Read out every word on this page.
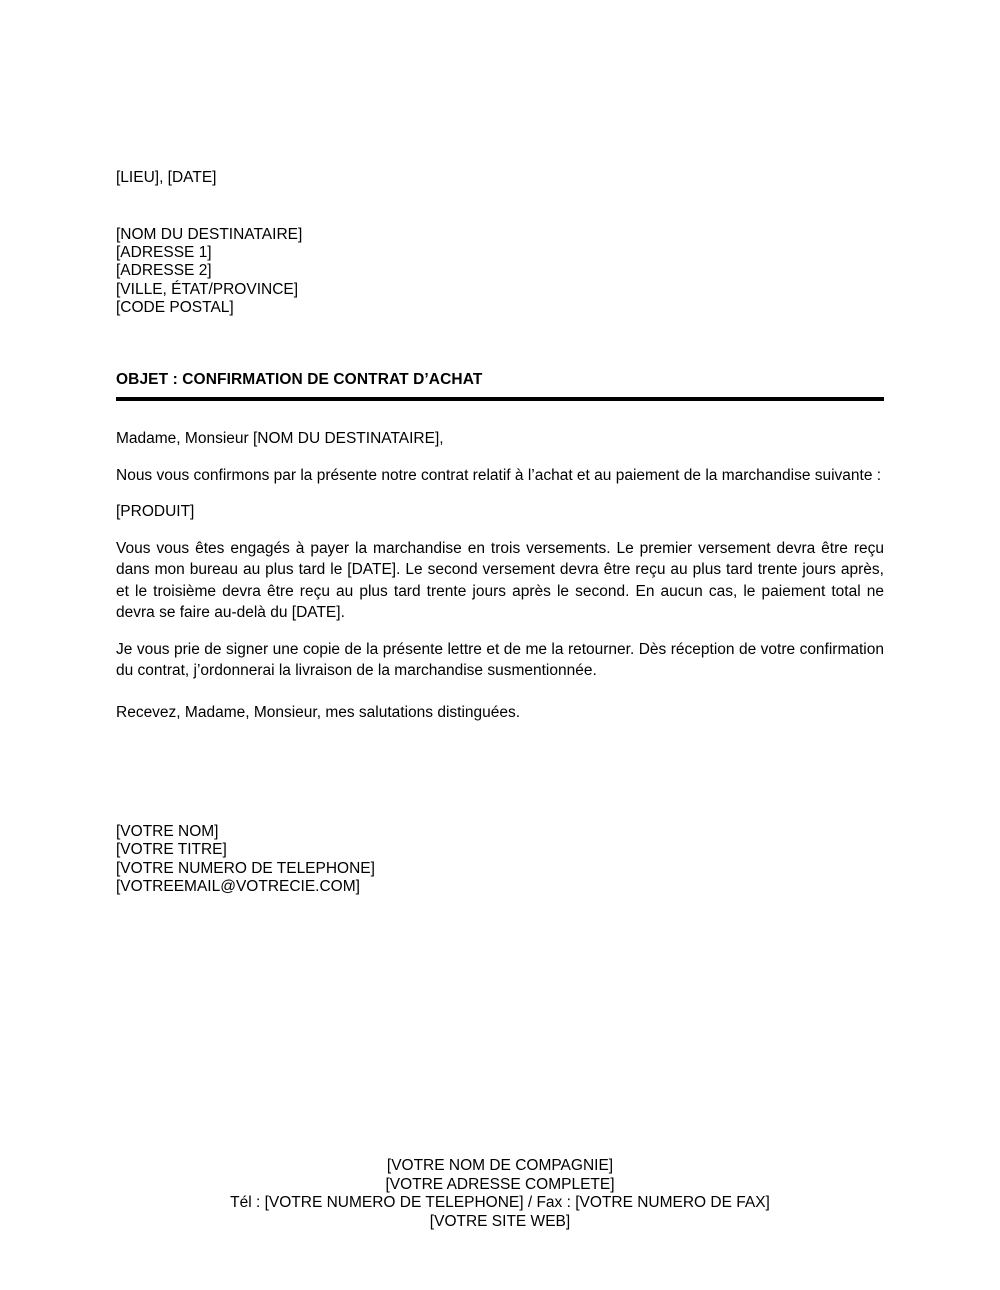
[LIEU], [DATE]
[NOM DU DESTINATAIRE]
[ADRESSE 1]
[ADRESSE 2]
[VILLE, ÉTAT/PROVINCE]
[CODE POSTAL]
OBJET : CONFIRMATION DE CONTRAT D’ACHAT

Madame, Monsieur [NOM DU DESTINATAIRE],

Nous vous confirmons par la présente notre contrat relatif à l’achat et au paiement de la marchandise suivante :

[PRODUIT]

Vous vous êtes engagés à payer la marchandise en trois versements. Le premier versement devra être reçu dans mon bureau au plus tard le [DATE]. Le second versement devra être reçu au plus tard trente jours après, et le troisième devra être reçu au plus tard trente jours après le second. En aucun cas, le paiement total ne devra se faire au-delà du [DATE].

Je vous prie de signer une copie de la présente lettre et de me la retourner. Dès réception de votre confirmation du contrat, j’ordonnerai la livraison de la marchandise susmentionnée.

Recevez, Madame, Monsieur, mes salutations distinguées.

[VOTRE NOM]
[VOTRE TITRE]
[VOTRE NUMERO DE TELEPHONE]
[VOTREEMAIL@VOTRECIE.COM]
[VOTRE NOM DE COMPAGNIE]
[VOTRE ADRESSE COMPLETE]
Tél : [VOTRE NUMERO DE TELEPHONE] / Fax : [VOTRE NUMERO DE FAX]
[VOTRE SITE WEB]
